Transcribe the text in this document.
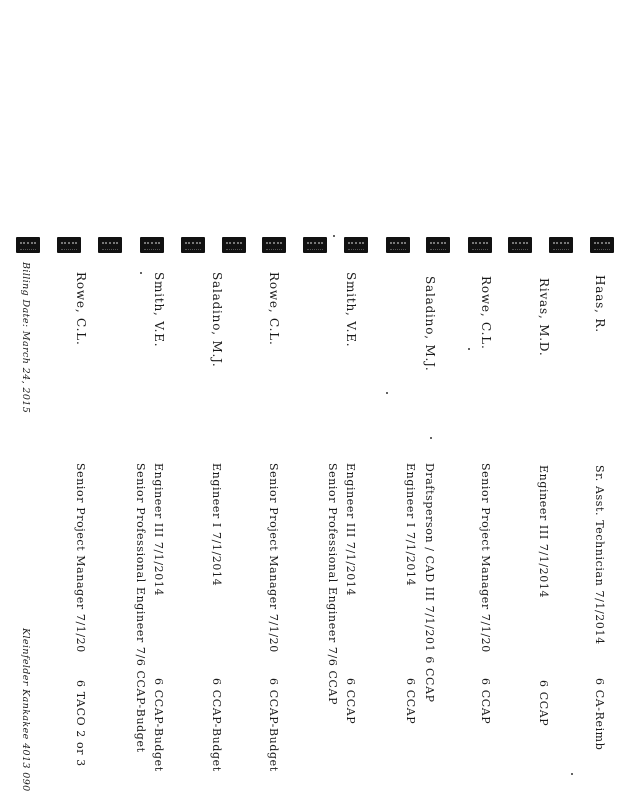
Haas, R.
Sr. Asst. Technician 7/1/2014
6 CA-Reimb
Rivas, M.D.
Engineer III 7/1/2014
6 CCAP
Rowe, C.L.
Senior Project Manager 7/1/20
6 CCAP
Saladino, M.J.
Draftsperson / CAD III 7/1/201 6 CCAP
Engineer I 7/1/2014
6 CCAP
Smith, V.E.
Engineer III 7/1/2014
Senior Professional Engineer 7/6 CCAP 6 CCAP
Rowe, C.L.
Senior Project Manager 7/1/20
6 CCAP-Budget
Saladino, M.J.
Engineer I 7/1/2014
6 CCAP-Budget
Smith, V.E.
Engineer III 7/1/2014
Senior Professional Engineer 7/6 CCAP-Budget 6 CCAP-Budget
Rowe, C.L.
Senior Project Manager 7/1/20
6 TACO 2 or 3
Billing Date: March 24, 2015
Kleinfelder Kankakee 4013 090
